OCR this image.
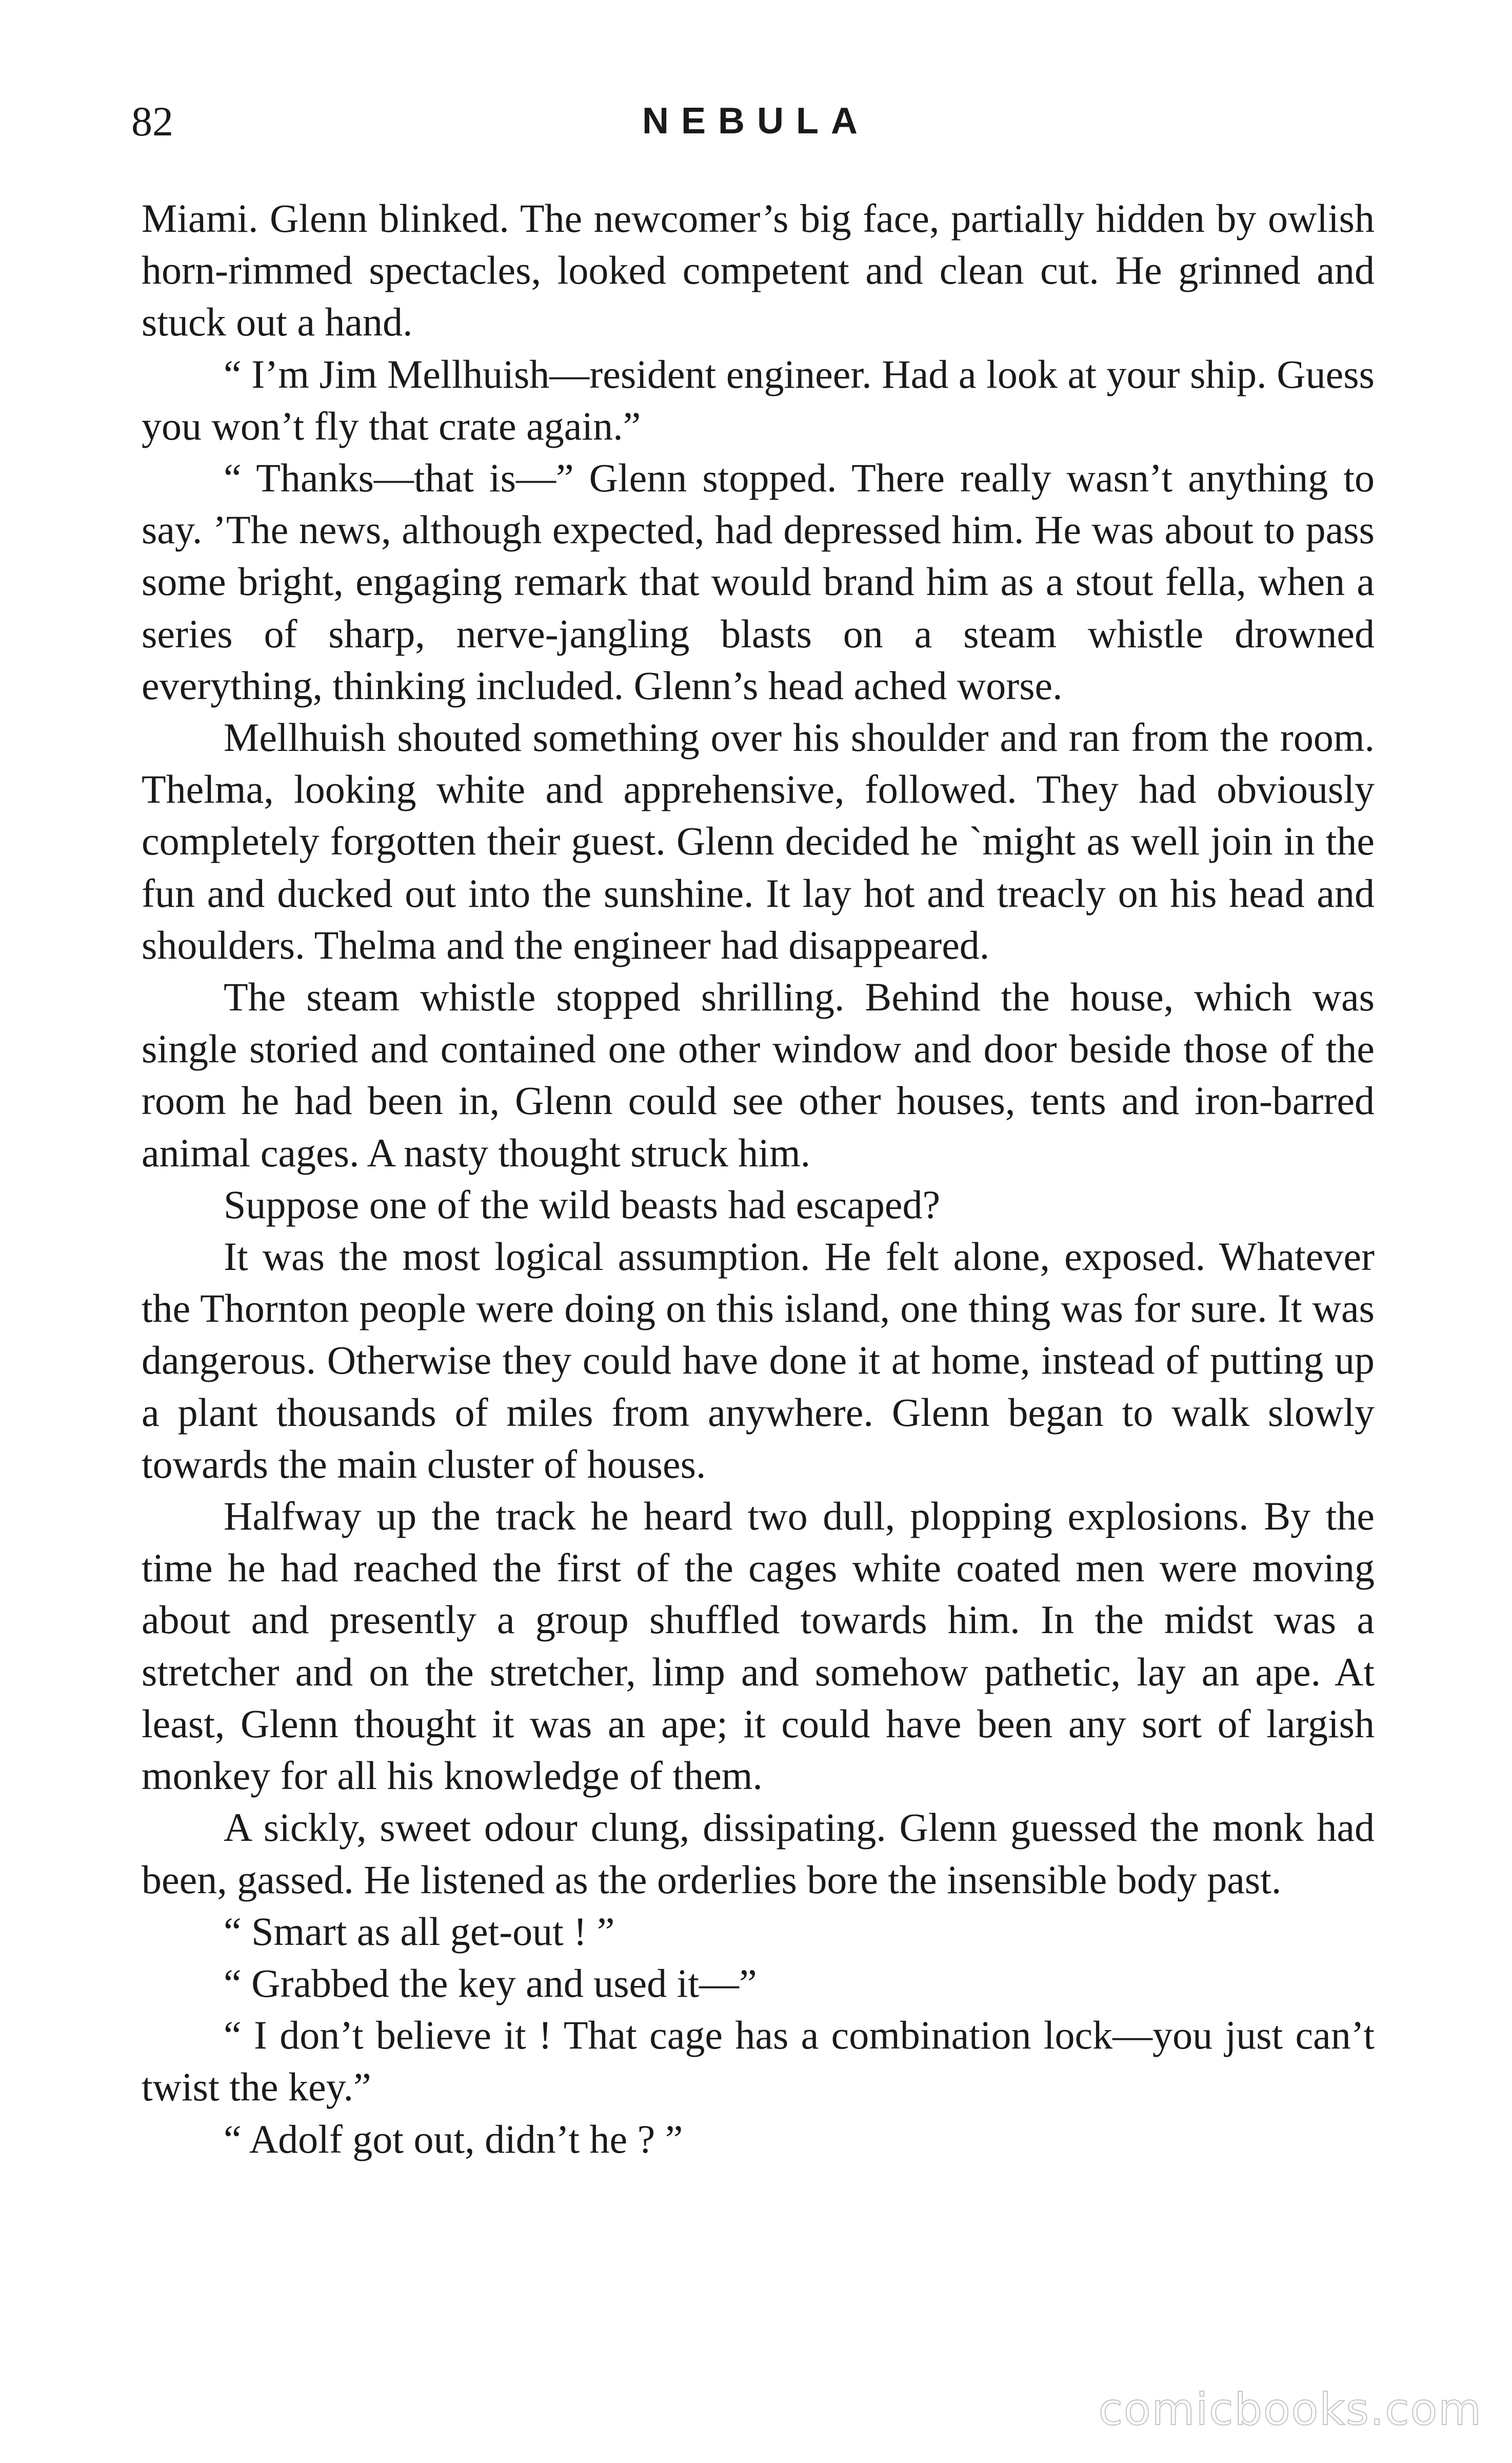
82	NEBULA

Miami. Glenn blinked. The newcomer’s big face, partially hidden by owlish horn-rimmed spectacles, looked competent and clean cut. He grinned and stuck out a hand.

“ I’m Jim Mellhuish—resident engineer. Had a look at your ship. Guess you won’t fly that crate again.”

“ Thanks—that is—” Glenn stopped. There really wasn’t anything to say. ’The news, although expected, had depressed him. He was about to pass some bright, engaging remark that would brand him as a stout fella, when a series of sharp, nerve-jangling blasts on a steam whistle drowned everything, thinking included. Glenn’s head ached worse.

Mellhuish shouted something over his shoulder and ran from the room. Thelma, looking white and apprehensive, followed. They had obviously completely forgotten their guest. Glenn decided he `might as well join in the fun and ducked out into the sunshine. It lay hot and treacly on his head and shoulders. Thelma and the engineer had disappeared.

The steam whistle stopped shrilling. Behind the house, which was single storied and contained one other window and door beside those of the room he had been in, Glenn could see other houses, tents and iron-barred animal cages. A nasty thought struck him.

Suppose one of the wild beasts had escaped?

It was the most logical assumption. He felt alone, exposed. Whatever the Thornton people were doing on this island, one thing was for sure. It was dangerous. Otherwise they could have done it at home, instead of putting up a plant thousands of miles from anywhere. Glenn began to walk slowly towards the main cluster of houses.

Halfway up the track he heard two dull, plopping explosions. By the time he had reached the first of the cages white coated men were moving about and presently a group shuffled towards him. In the midst was a stretcher and on the stretcher, limp and somehow pathetic, lay an ape. At least, Glenn thought it was an ape; it could have been any sort of largish monkey for all his knowledge of them.

A sickly, sweet odour clung, dissipating. Glenn guessed the monk had been, gassed. He listened as the orderlies bore the insensible body past.

“ Smart as all get-out ! ”

“ Grabbed the key and used it—”

“ I don’t believe it ! That cage has a combination lock—you just can’t twist the key.”

“ Adolf got out, didn’t he ? ”

comicbooks.com
